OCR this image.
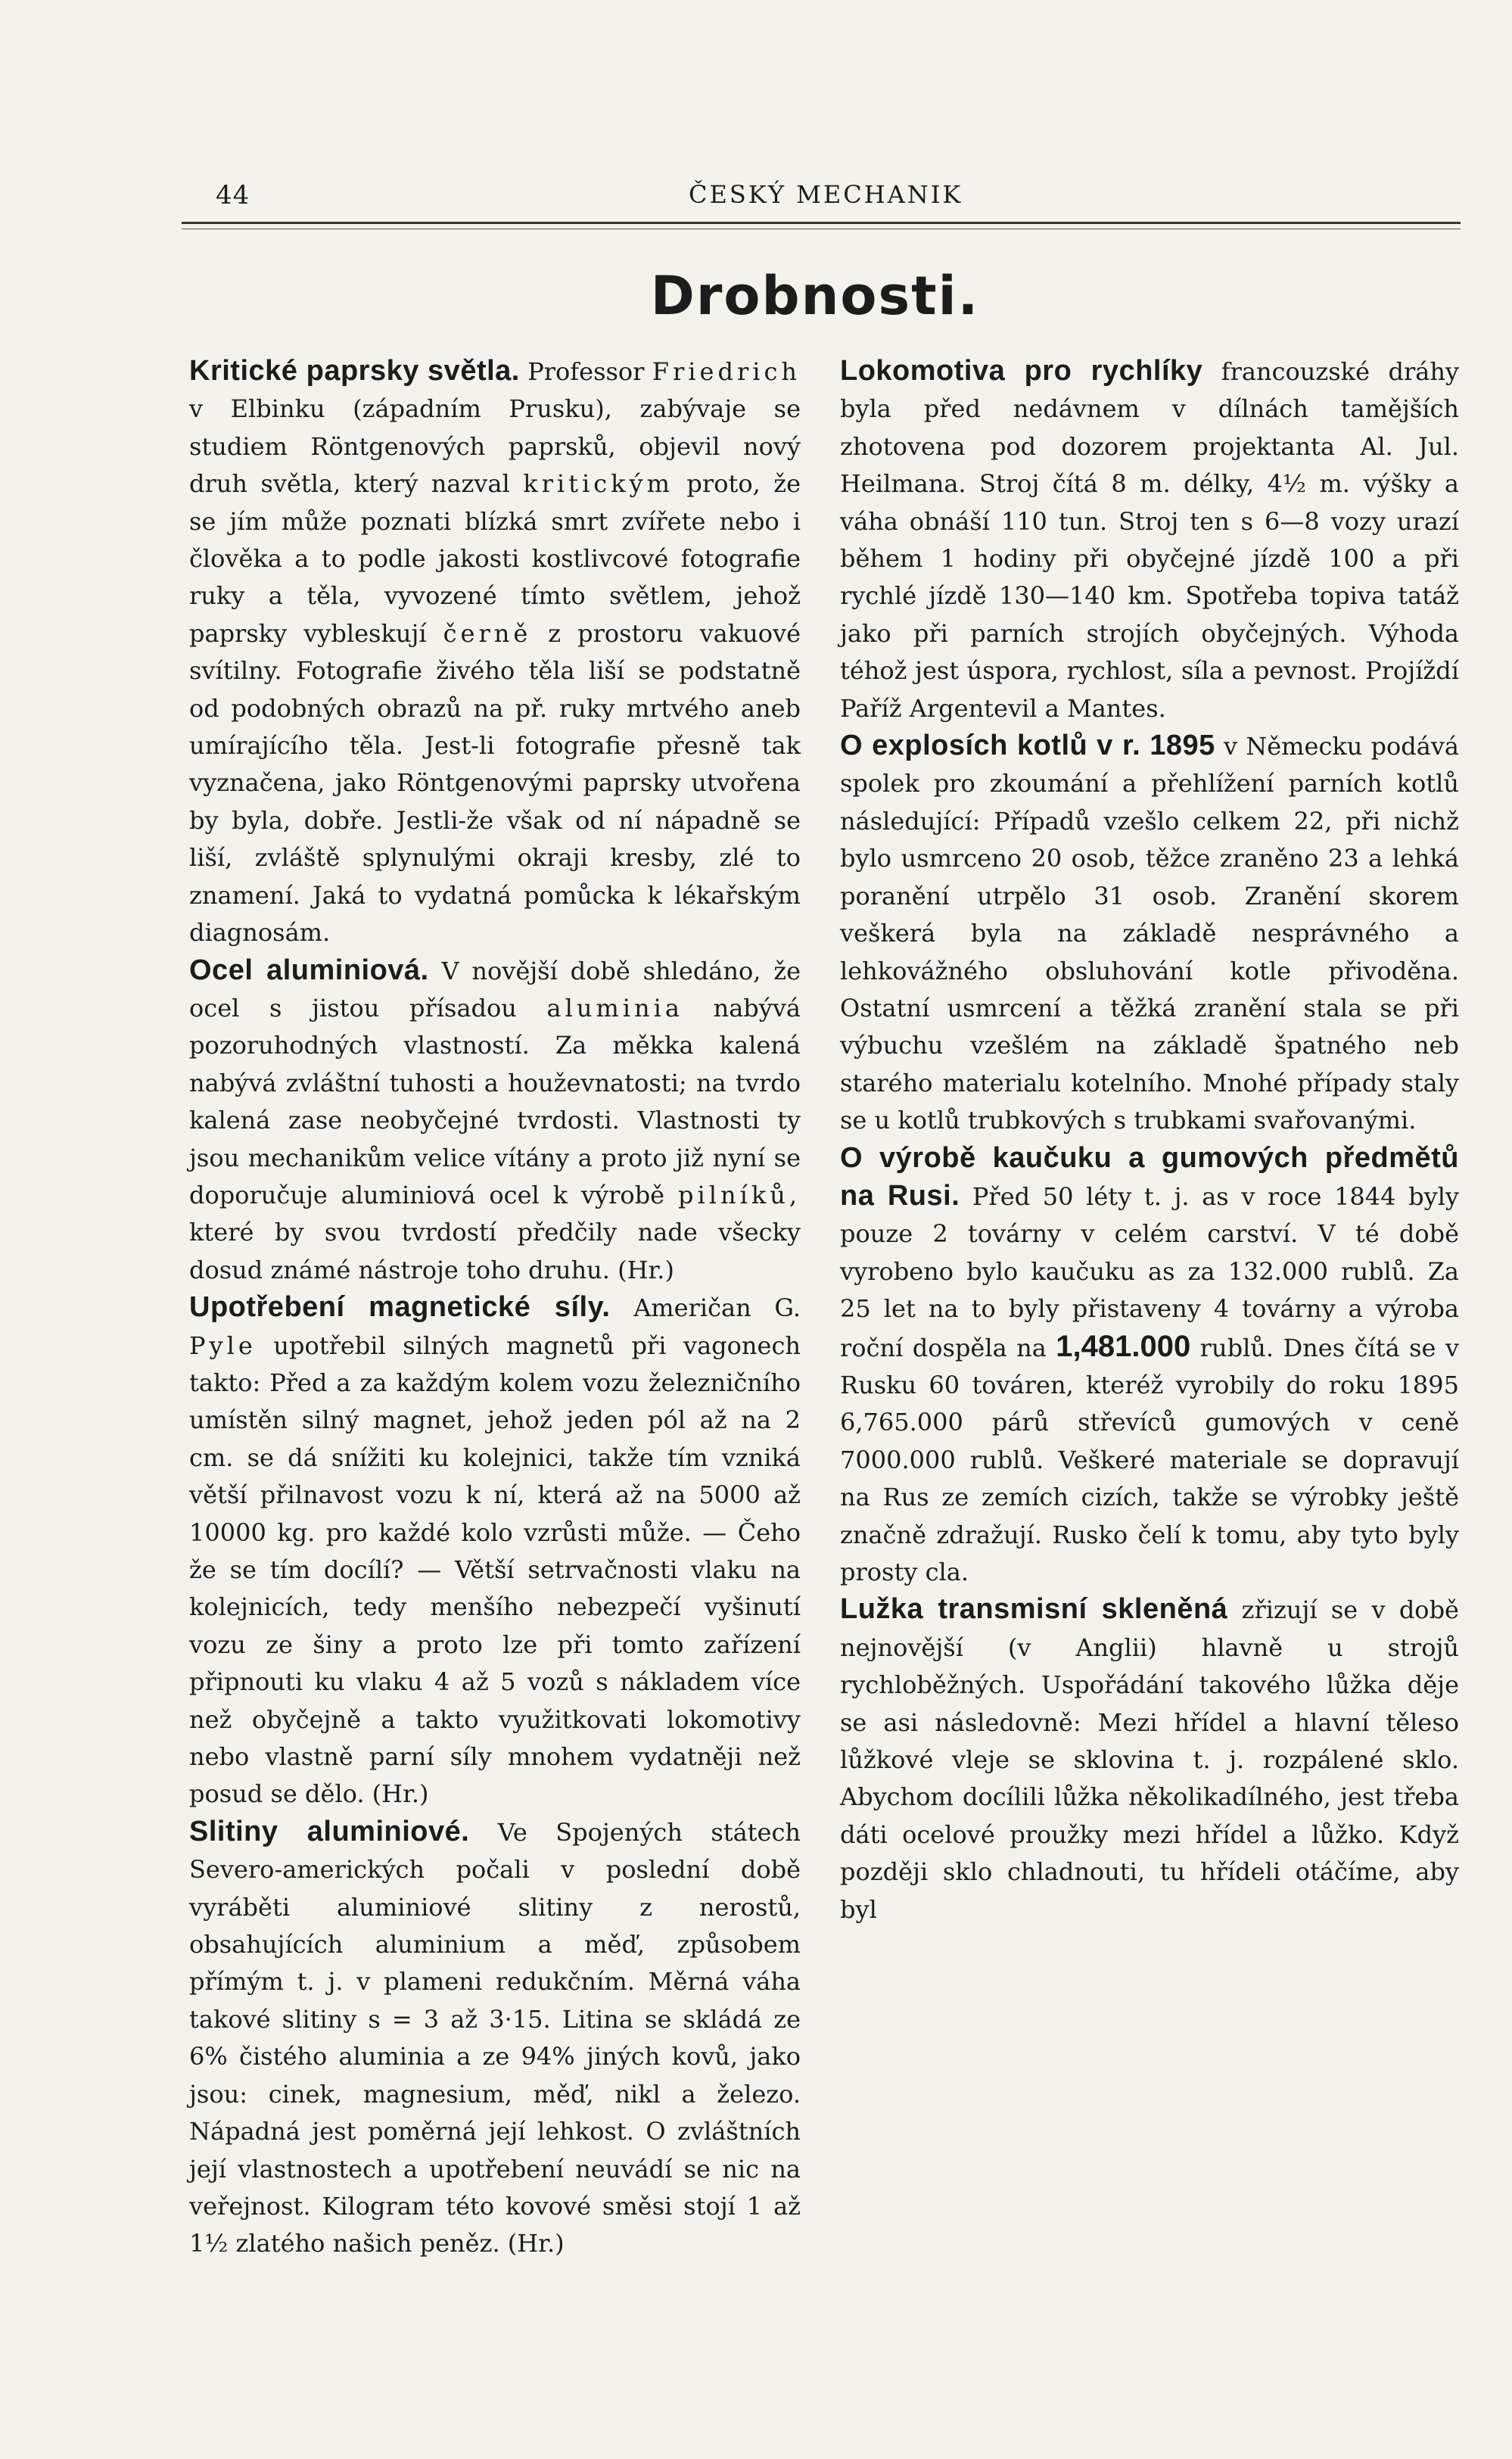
44	ČESKÝ MECHANIK
Drobnosti.

Kritické paprsky světla. Professor Friedrich v Elbinku (západním Prusku), zabývaje se studiem Röntgenových paprsků, objevil nový druh světla, který nazval kritickým proto, že se jím může poznati blízká smrt zvířete nebo i člověka a to podle jakosti kostlivcové fotografie ruky a těla, vyvozené tímto světlem, jehož paprsky vybleskují černě z prostoru vakuové svítilny. Fotografie živého těla liší se podstatně od podobných obrazů na př. ruky mrtvého aneb umírajícího těla. Jest-li fotografie přesně tak vyznačena, jako Röntgenovými paprsky utvořena by byla, dobře. Jestli-že však od ní nápadně se liší, zvláště splynulými okraji kresby, zlé to znamení. Jaká to vydatná pomůcka k lékařským diagnosám.

Ocel aluminiová. V novější době shledáno, že ocel s jistou přísadou aluminia nabývá pozoruhodných vlastností. Za měkka kalená nabývá zvláštní tuhosti a houževnatosti; na tvrdo kalená zase neobyčejné tvrdosti. Vlastnosti ty jsou mechanikům velice vítány a proto již nyní se doporučuje aluminiová ocel k výrobě pilníků, které by svou tvrdostí předčily nade všecky dosud známé nástroje toho druhu. (Hr.)

Upotřebení magnetické síly. Američan G. Pyle upotřebil silných magnetů při vagonech takto: Před a za každým kolem vozu železničního umístěn silný magnet, jehož jeden pól až na 2 cm. se dá snížiti ku kolejnici, takže tím vzniká větší přilnavost vozu k ní, která až na 5000 až 10000 kg. pro každé kolo vzrůsti může. — Čeho že se tím docílí? — Větší setrvačnosti vlaku na kolejnicích, tedy menšího nebezpečí vyšinutí vozu ze šiny a proto lze při tomto zařízení připnouti ku vlaku 4 až 5 vozů s nákladem více než obyčejně a takto využitkovati lokomotivy nebo vlastně parní síly mnohem vydatněji než posud se dělo. (Hr.)

Slitiny aluminiové. Ve Spojených státech Severo-amerických počali v poslední době vyráběti aluminiové slitiny z nerostů, obsahujících aluminium a měď, způsobem přímým t. j. v plameni redukčním. Měrná váha takové slitiny s = 3 až 3·15. Litina se skládá ze 6% čistého aluminia a ze 94% jiných kovů, jako jsou: cinek, magnesium, měď, nikl a železo. Nápadná jest poměrná její lehkost. O zvláštních její vlastnostech a upotřebení neuvádí se nic na veřejnost. Kilogram této kovové směsi stojí 1 až 1½ zlatého našich peněz. (Hr.)

Lokomotiva pro rychlíky francouzské dráhy byla před nedávnem v dílnách tamějších zhotovena pod dozorem projektanta Al. Jul. Heilmana. Stroj čítá 8 m. délky, 4½ m. výšky a váha obnáší 110 tun. Stroj ten s 6—8 vozy urazí během 1 hodiny při obyčejné jízdě 100 a při rychlé jízdě 130—140 km. Spotřeba topiva tatáž jako při parních strojích obyčejných. Výhoda téhož jest úspora, rychlost, síla a pevnost. Projíždí Paříž Argentevil a Mantes.

O explosích kotlů v r. 1895 v Německu podává spolek pro zkoumání a přehlížení parních kotlů následující: Případů vzešlo celkem 22, při nichž bylo usmrceno 20 osob, těžce zraněno 23 a lehká poranění utrpělo 31 osob. Zranění skorem veškerá byla na základě nesprávného a lehkovážného obsluhování kotle přivoděna. Ostatní usmrcení a těžká zranění stala se při výbuchu vzešlém na základě špatného neb starého materialu kotelního. Mnohé případy staly se u kotlů trubkových s trubkami svařovanými.

O výrobě kaučuku a gumových předmětů na Rusi. Před 50 léty t. j. as v roce 1844 byly pouze 2 továrny v celém carství. V té době vyrobeno bylo kaučuku as za 132.000 rublů. Za 25 let na to byly přistaveny 4 továrny a výroba roční dospěla na 1,481.000 rublů. Dnes čítá se v Rusku 60 továren, kteréž vyrobily do roku 1895 6,765.000 párů střevíců gumových v ceně 7000.000 rublů. Veškeré materiale se dopravují na Rus ze zemích cizích, takže se výrobky ještě značně zdražují. Rusko čelí k tomu, aby tyto byly prosty cla.

Lužka transmisní skleněná zřizují se v době nejnovější (v Anglii) hlavně u strojů rychloběžných. Uspořádání takového lůžka děje se asi následovně: Mezi hřídel a hlavní těleso lůžkové vleje se sklovina t. j. rozpálené sklo. Abychom docílili lůžka několikadílného, jest třeba dáti ocelové proužky mezi hřídel a lůžko. Když později sklo chladnouti, tu hřídeli otáčíme, aby byl
